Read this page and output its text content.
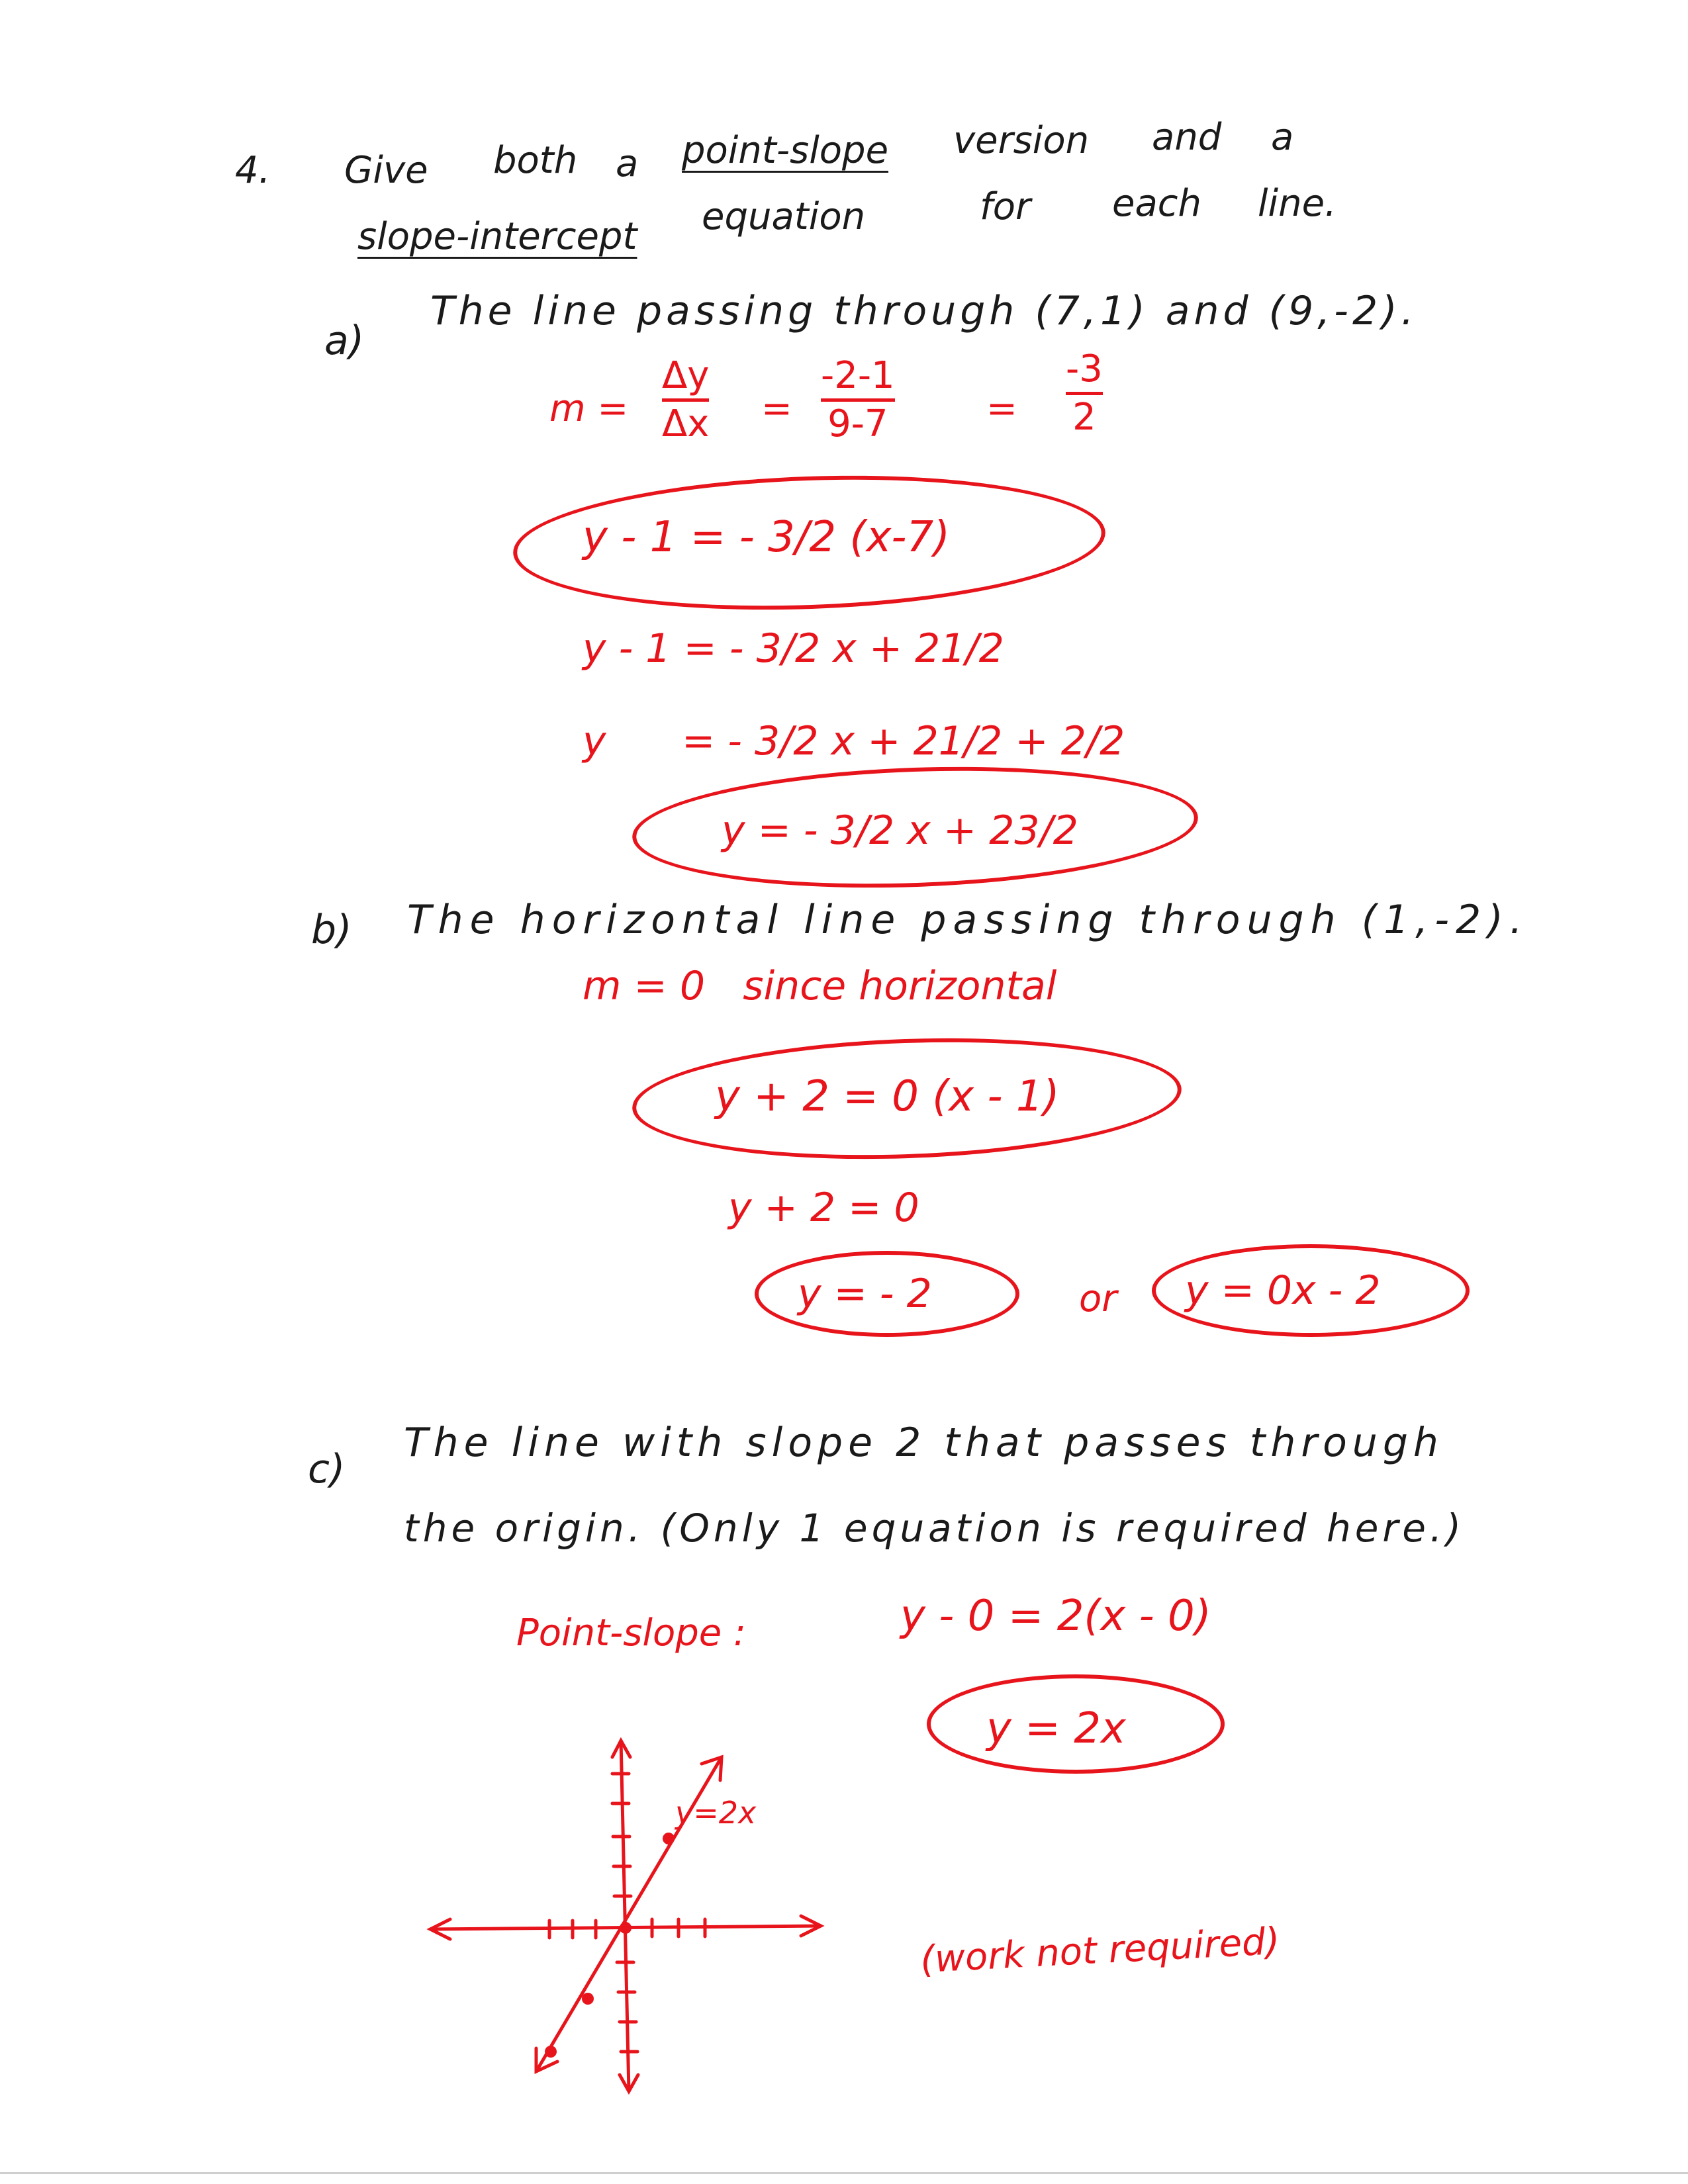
4. Give both a point-slope version and a
slope-intercept equation	for each line.
a)
The line passing through (7,1) and (9,-2).
m =
Δy
Δx =
-2-1
9-7	=
-3
2
y - 1 = - 3/2 (x-7)
y - 1 = - 3/2 x + 21/2
y      = - 3/2 x + 21/2 + 2/2
y = - 3/2 x + 23/2
b) The horizontal line passing through (1,-2).
m = 0   since horizontal
y + 2 = 0 (x - 1)
y + 2 = 0
y = - 2	or y = 0x - 2
c)
The line with slope 2 that passes through
the origin. (Only 1 equation is required here.)
Point-slope :	y - 0 = 2(x - 0)
y = 2x
y=2x
(work not required)
